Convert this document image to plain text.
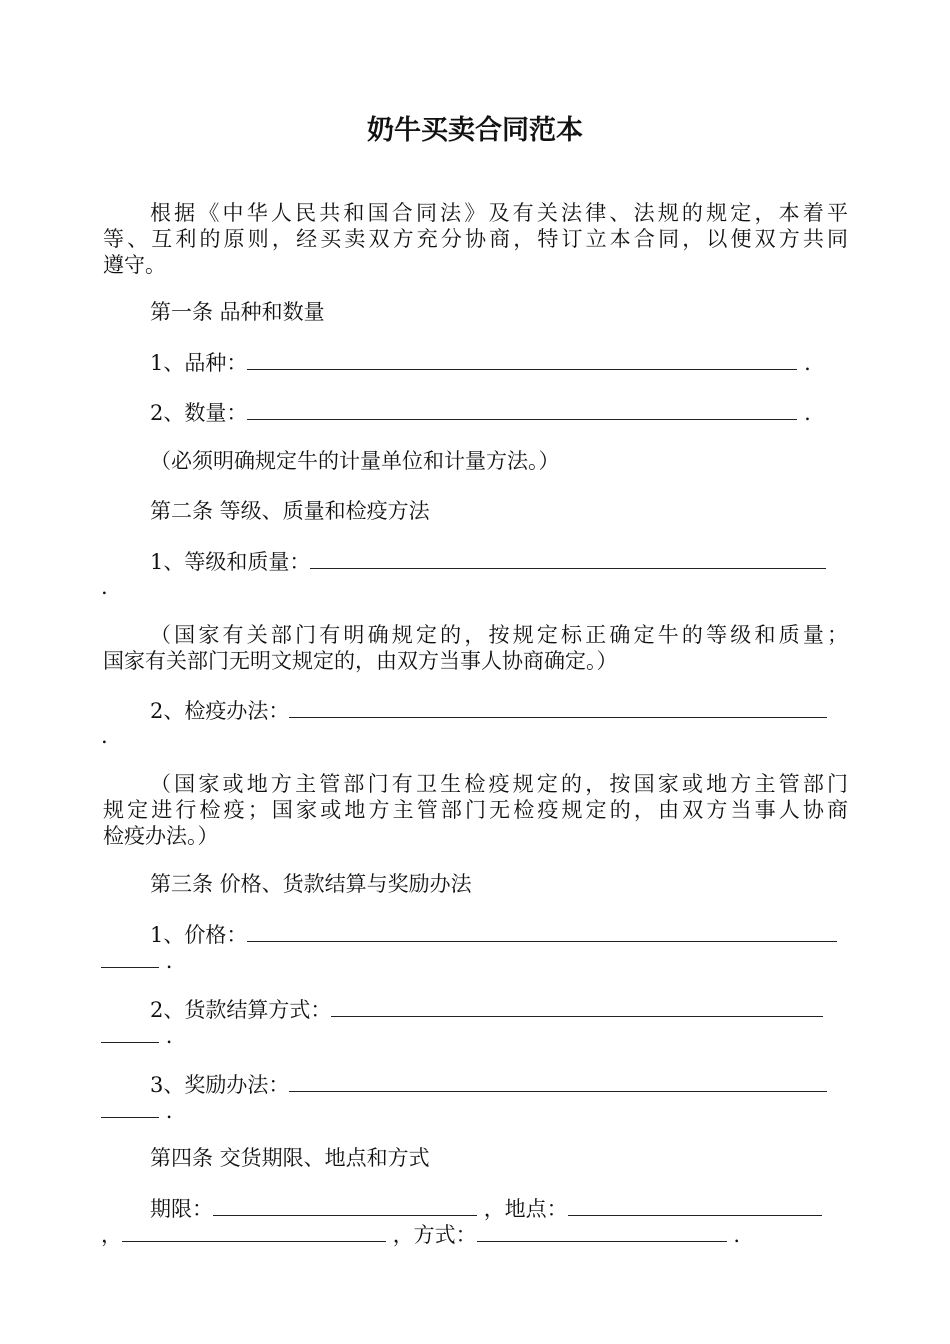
奶牛买卖合同范本

根据《中华人民共和国合同法》及有关法律、法规的规定，本着平

等、互利的原则，经买卖双方充分协商，特订立本合同，以便双方共同

遵守。

第一条 品种和数量

1、品种：	.

2、数量：	.

（必须明确规定牛的计量单位和计量方法。）

第二条 等级、质量和检疫方法

1、等级和质量：

.

（国家有关部门有明确规定的，按规定标正确定牛的等级和质量；

国家有关部门无明文规定的，由双方当事人协商确定。）

2、检疫办法：

.

（国家或地方主管部门有卫生检疫规定的，按国家或地方主管部门

规定进行检疫；国家或地方主管部门无检疫规定的，由双方当事人协商

检疫办法。）

第三条 价格、货款结算与奖励办法

1、价格：

.

2、货款结算方式：

.

3、奖励办法：

.

第四条 交货期限、地点和方式

期限：	，地点：

，	，方式：	.
